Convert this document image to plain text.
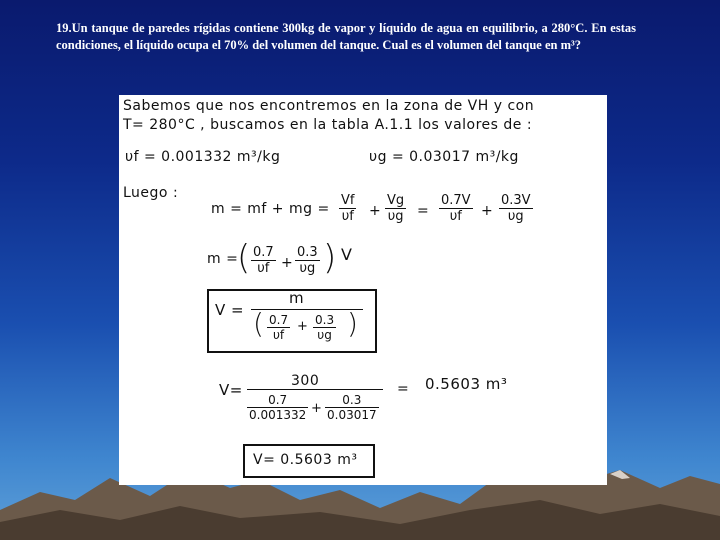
19.Un tanque de paredes rígidas contiene 300kg de vapor y líquido de agua en equilibrio, a 280°C. En estas condiciones, el líquido ocupa el 70% del volumen del tanque. Cual es el volumen del tanque en m³?
Sabemos que nos encontremos en la zona de VH y con
T= 280°C , buscamos en la tabla A.1.1 los valores de :
υf = 0.001332 m³/kg	υg = 0.03017 m³/kg
Luego :
m = mf + mg = $\frac{Vf}{\upsilon f} + \frac{Vg}{\upsilon g} = \frac{0.7V}{\upsilon f} + \frac{0.3V}{\upsilon g}$
m =
( $\frac{0.7}{\upsilon f} + \frac{0.3}{\upsilon g}$ ) V
V =
m
( $\frac{0.7}{\upsilon f} + \frac{0.3}{\upsilon g}$ )
V=	300
$\frac{0.7}{0.001332} + \frac{0.3}{0.03017}$
= 0.5603 m³
V= 0.5603 m³
